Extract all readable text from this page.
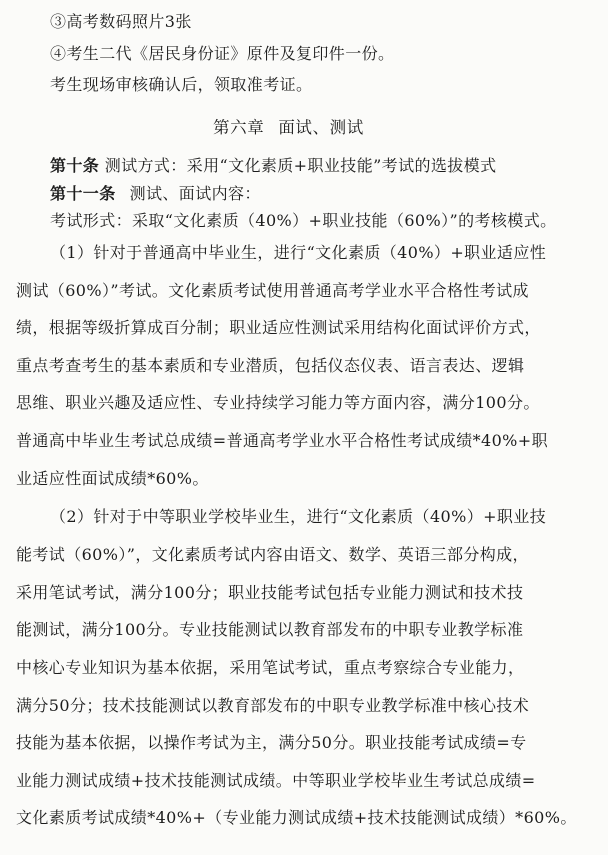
③高考数码照片3张
④考生二代《居民身份证》原件及复印件一份。
考生现场审核确认后，领取准考证。
第六章 面试、测试
第十条 测试方式：采用“文化素质+职业技能”考试的选拔模式
第十一条 测试、面试内容：
考试形式：采取“文化素质（40%）+职业技能（60%）”的考核模式。
（1）针对于普通高中毕业生，进行“文化素质（40%）+职业适应性
测试（60%）”考试。文化素质考试使用普通高考学业水平合格性考试成
绩，根据等级折算成百分制；职业适应性测试采用结构化面试评价方式，
重点考查考生的基本素质和专业潜质，包括仪态仪表、语言表达、逻辑
思维、职业兴趣及适应性、专业持续学习能力等方面内容，满分100分。
普通高中毕业生考试总成绩=普通高考学业水平合格性考试成绩*40%+职
业适应性面试成绩*60%。
（2）针对于中等职业学校毕业生，进行“文化素质（40%）+职业技
能考试（60%）”，文化素质考试内容由语文、数学、英语三部分构成，
采用笔试考试，满分100分；职业技能考试包括专业能力测试和技术技
能测试，满分100分。专业技能测试以教育部发布的中职专业教学标准
中核心专业知识为基本依据，采用笔试考试，重点考察综合专业能力，
满分50分；技术技能测试以教育部发布的中职专业教学标准中核心技术
技能为基本依据，以操作考试为主，满分50分。职业技能考试成绩=专
业能力测试成绩+技术技能测试成绩。中等职业学校毕业生考试总成绩=
文化素质考试成绩*40%+（专业能力测试成绩+技术技能测试成绩）*60%。
